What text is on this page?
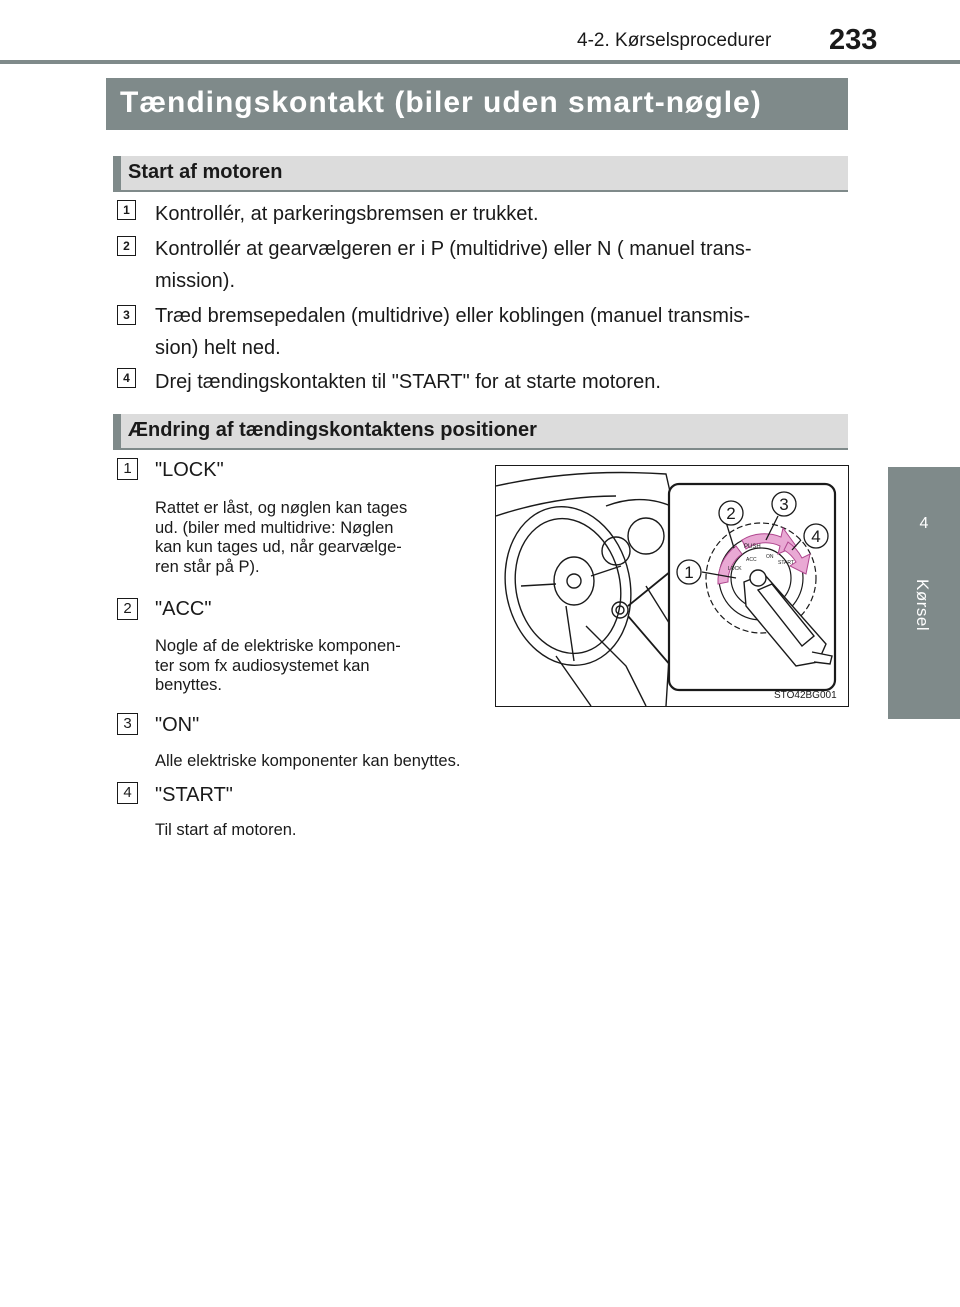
4-2. Kørselsprocedurer 233
4
Kørsel
Tændingskontakt (biler uden smart-nøgle)
Start af motoren
1	Kontrollér, at parkeringsbremsen er trukket.
2	Kontrollér at gearvælgeren er i P (multidrive) eller N ( manuel trans-
mission).
3	Træd bremsepedalen (multidrive) eller koblingen (manuel transmis-
sion) helt ned.
4	Drej tændingskontakten til "START" for at starte motoren.
Ændring af tændingskontaktens positioner
1	"LOCK"
Rattet er låst, og nøglen kan tages
ud. (biler med multidrive: Nøglen
kan kun tages ud, når gearvælge-
ren står på P).
2	"ACC"
Nogle af de elektriske komponen-
ter som fx audiosystemet kan
benyttes.
3	"ON"
Alle elektriske komponenter kan benyttes.
4	"START"
Til start af motoren.
PUSH
LOCK
ACC ON
START
1
2	3
4
STO42BG001
